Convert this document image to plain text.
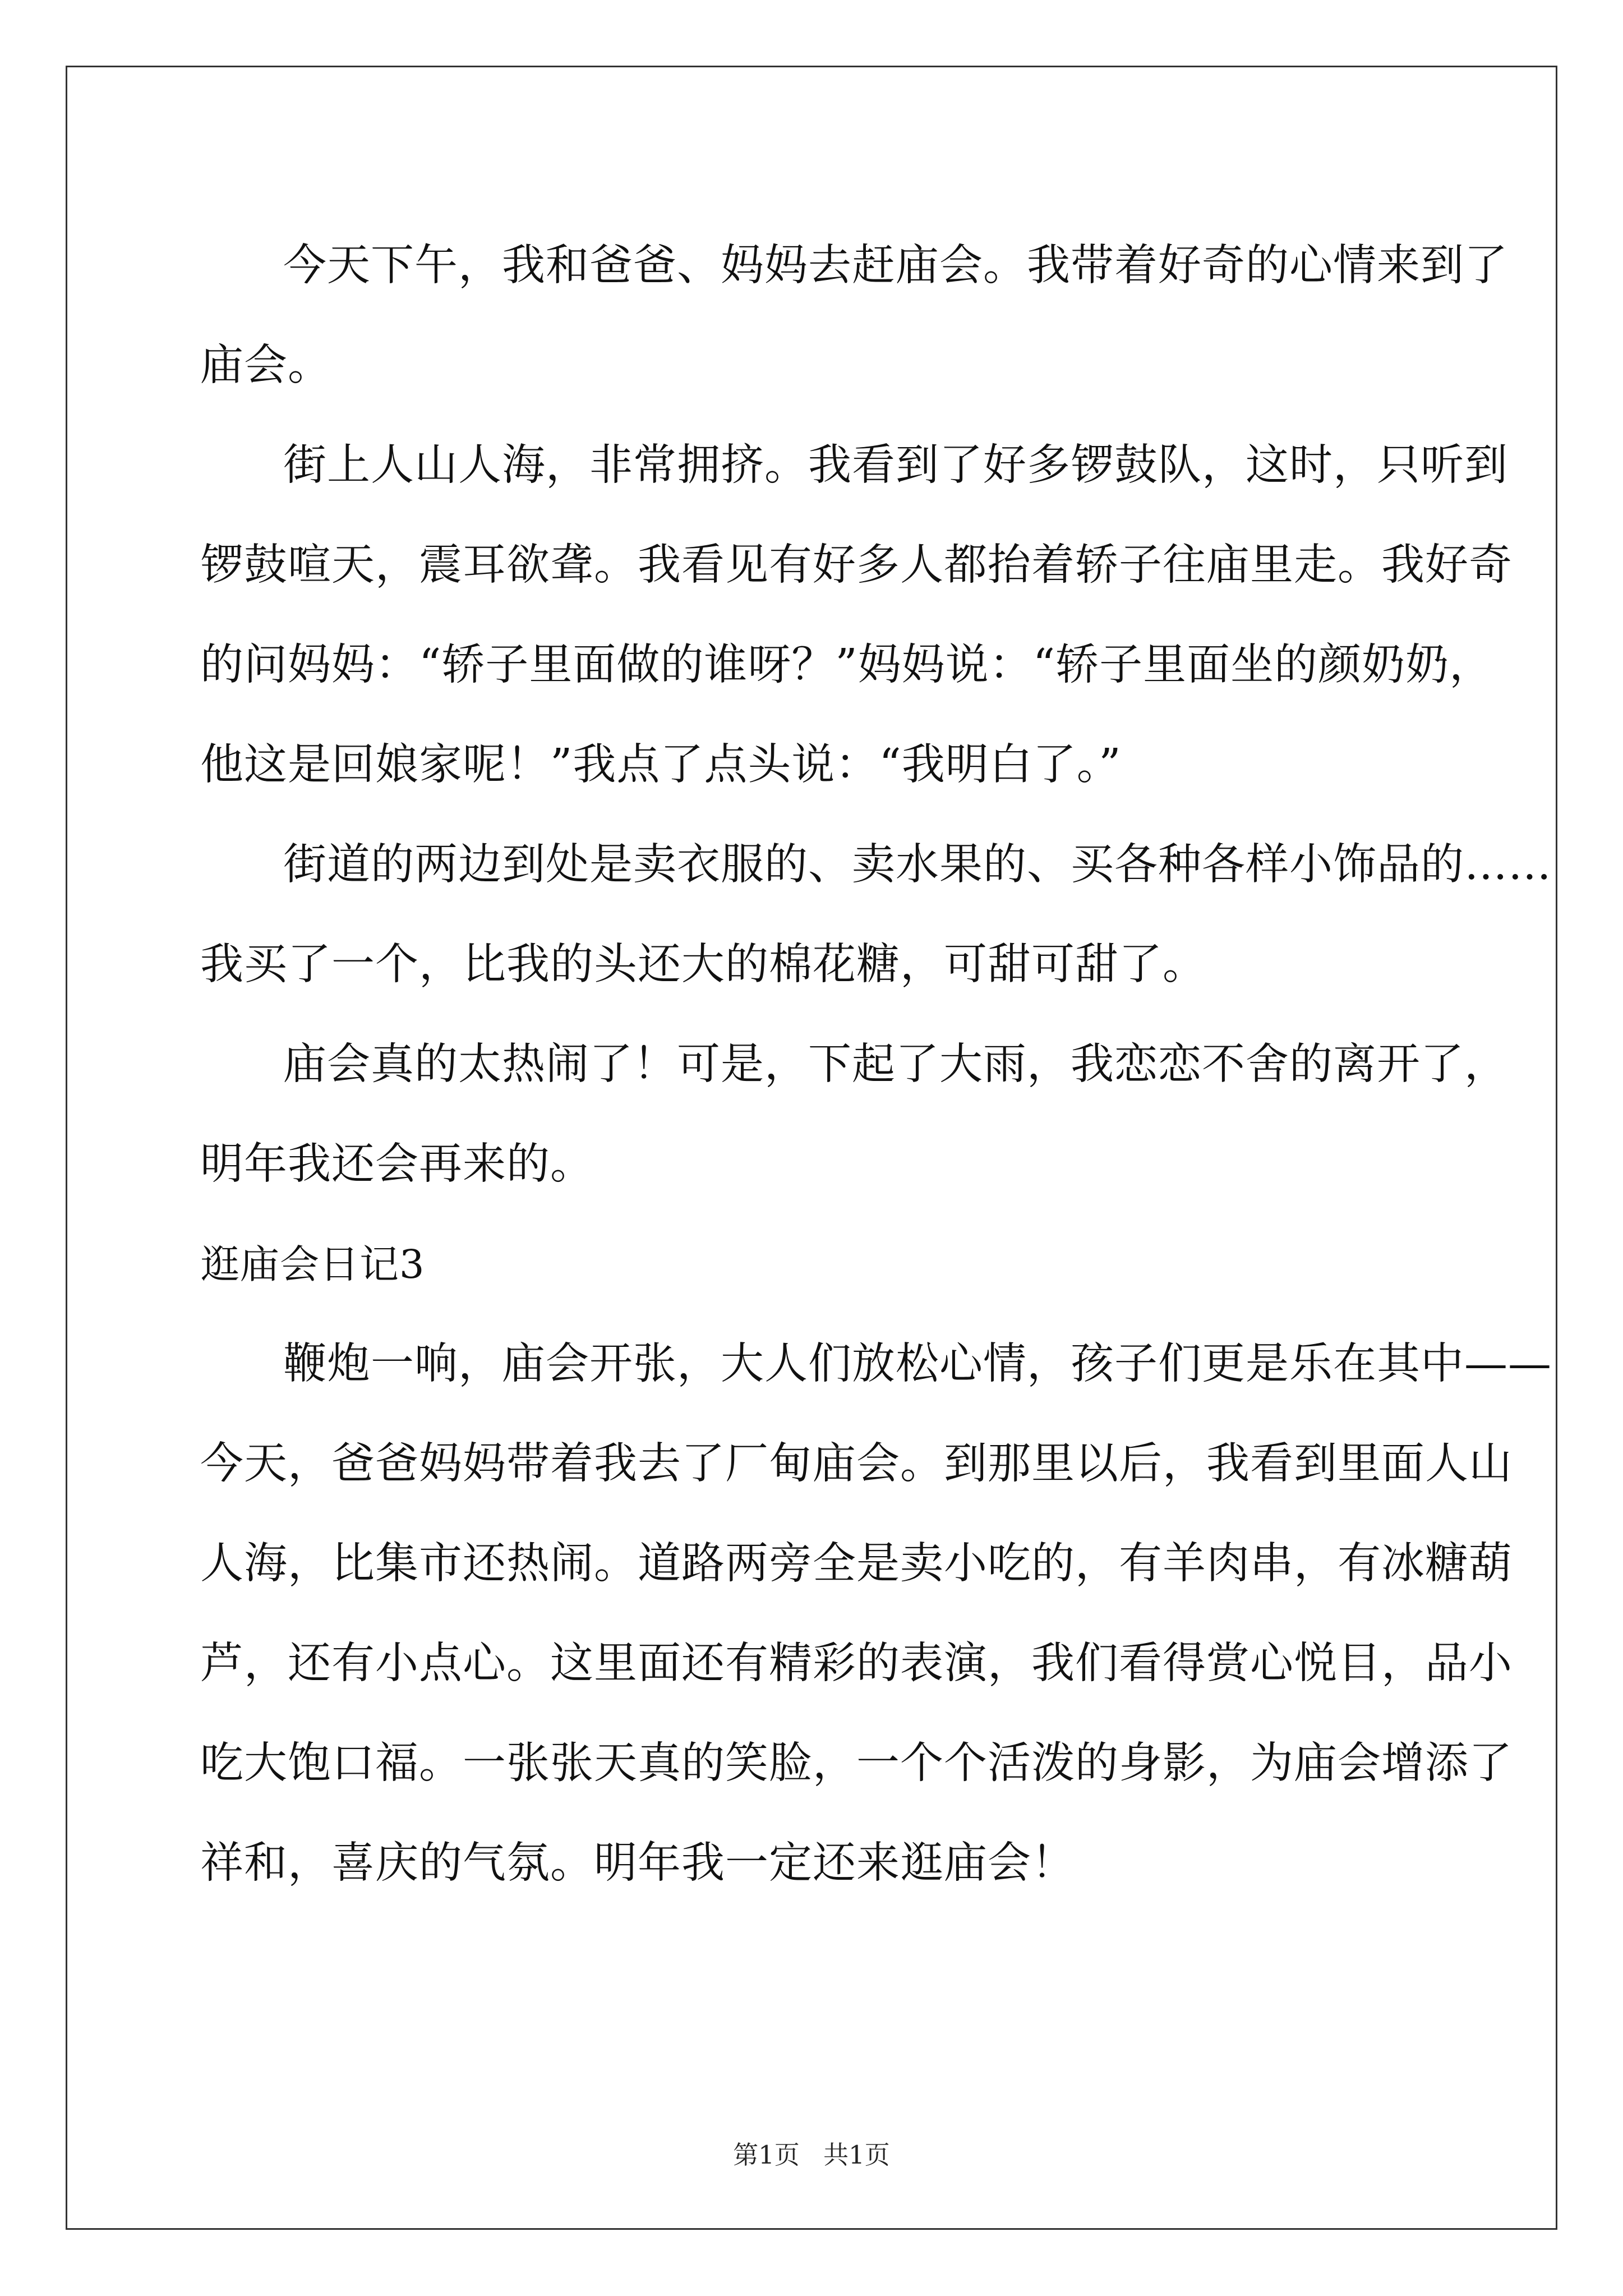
今天下午，我和爸爸、妈妈去赶庙会。我带着好奇的心情来到了
庙会。
街上人山人海，非常拥挤。我看到了好多锣鼓队，这时，只听到
锣鼓喧天，震耳欲聋。我看见有好多人都抬着轿子往庙里走。我好奇
的问妈妈：“轿子里面做的谁呀？”妈妈说：“轿子里面坐的颜奶奶，
他这是回娘家呢！”我点了点头说：“我明白了。”
街道的两边到处是卖衣服的、卖水果的、买各种各样小饰品的……
我买了一个，比我的头还大的棉花糖，可甜可甜了。
庙会真的太热闹了！可是，下起了大雨，我恋恋不舍的离开了，
明年我还会再来的。
逛庙会日记3
鞭炮一响，庙会开张，大人们放松心情，孩子们更是乐在其中——
今天，爸爸妈妈带着我去了厂甸庙会。到那里以后，我看到里面人山
人海，比集市还热闹。道路两旁全是卖小吃的，有羊肉串，有冰糖葫
芦，还有小点心。这里面还有精彩的表演，我们看得赏心悦目，品小
吃大饱口福。一张张天真的笑脸，一个个活泼的身影，为庙会增添了
祥和，喜庆的气氛。明年我一定还来逛庙会！
第1页 共1页
